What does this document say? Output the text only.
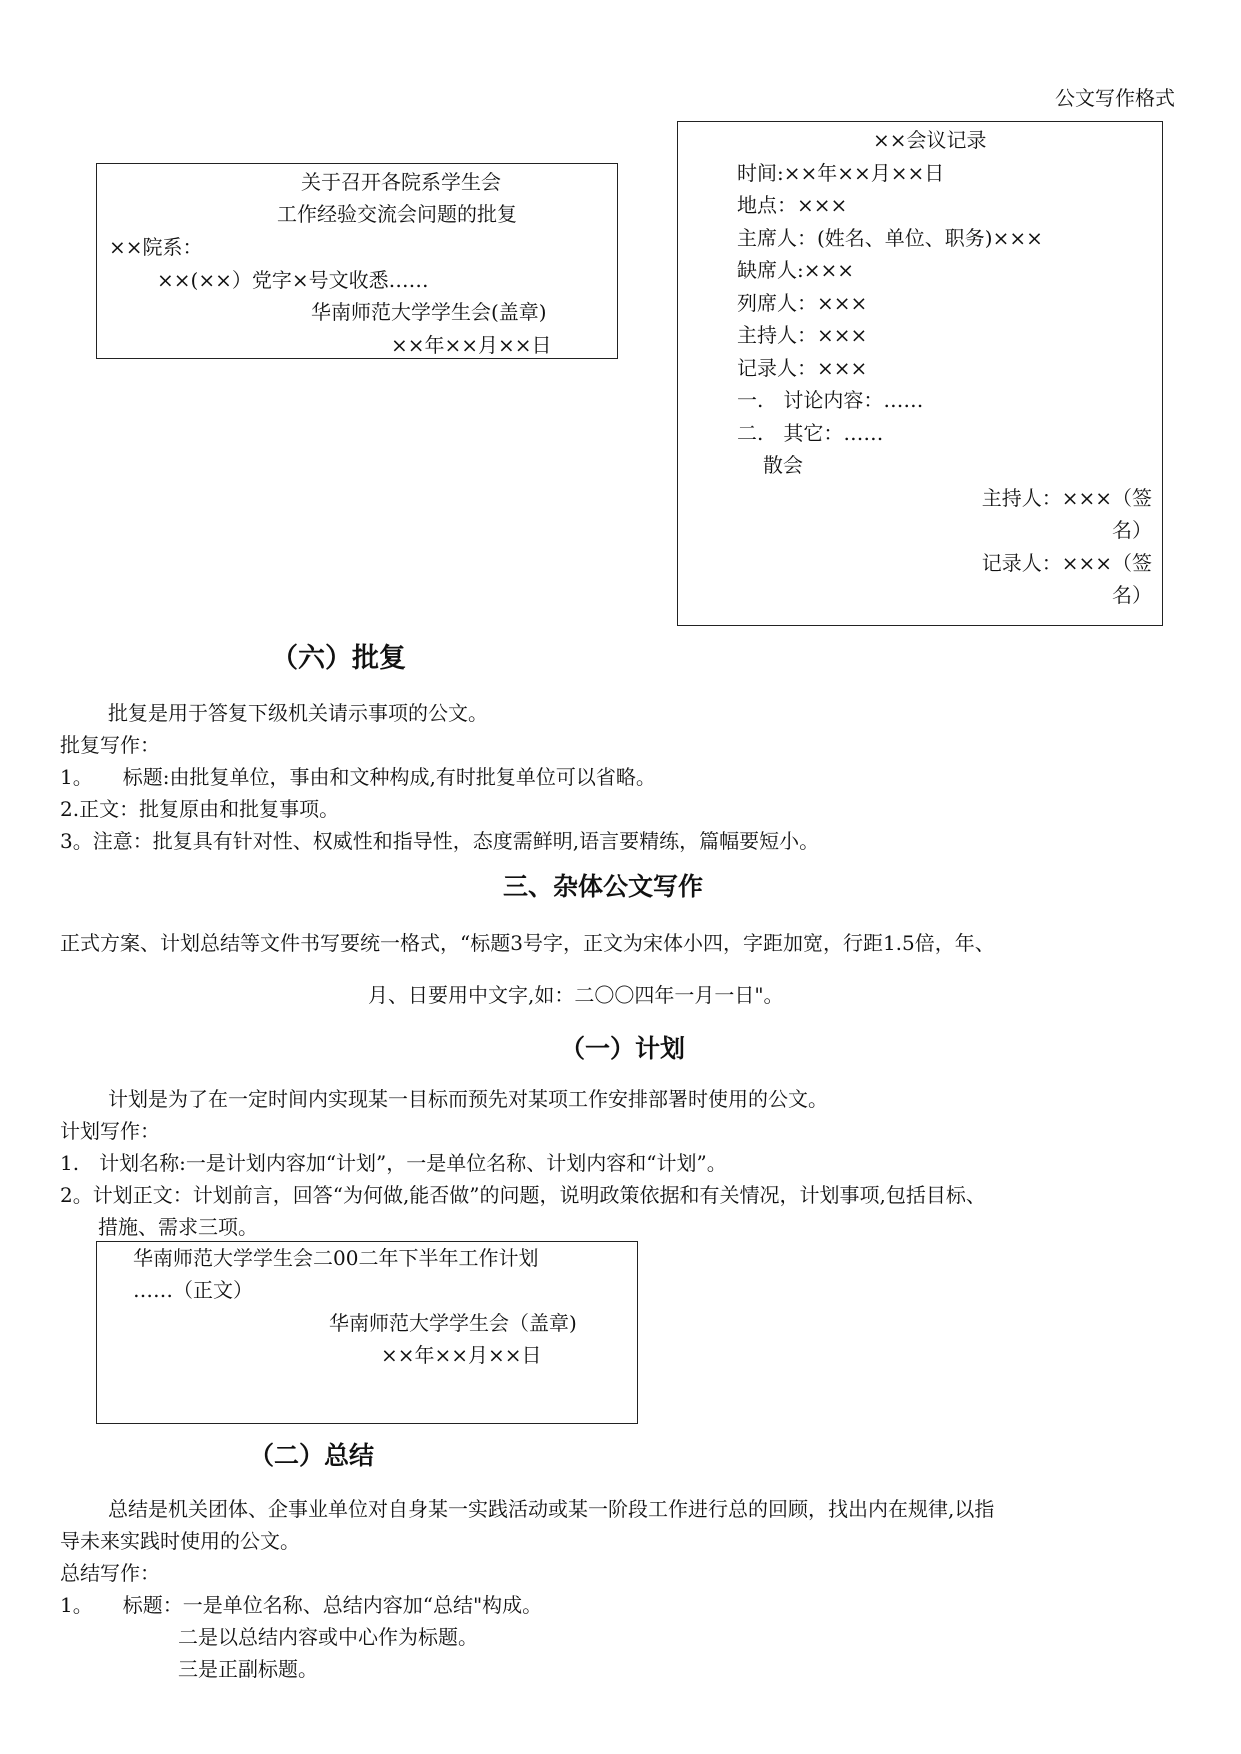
公文写作格式
关于召开各院系学生会
工作经验交流会问题的批复
××院系：
××(××）党字×号文收悉……
华南师范大学学生会(盖章)
××年××月××日
××会议记录
时间:××年××月××日
地点：×××
主席人：(姓名、单位、职务)×××
缺席人:×××
列席人：×××
主持人：×××
记录人：×××
一.　讨论内容：……
二.　其它：……
散会
主持人：×××（签
名）
记录人：×××（签
名）
（六）批复
批复是用于答复下级机关请示事项的公文。
批复写作：
1。　　标题:由批复单位，事由和文种构成,有时批复单位可以省略。
2.正文：批复原由和批复事项。
3。注意：批复具有针对性、权威性和指导性，态度需鲜明,语言要精练，篇幅要短小。
三、杂体公文写作
正式方案、计划总结等文件书写要统一格式，“标题3号字，正文为宋体小四，字距加宽，行距1.5倍，年、
月、日要用中文字,如：二〇〇四年一月一日"。
（一）计划
计划是为了在一定时间内实现某一目标而预先对某项工作安排部署时使用的公文。
计划写作：
1.　计划名称:一是计划内容加“计划”，一是单位名称、计划内容和“计划”。
2。计划正文：计划前言，回答“为何做,能否做”的问题，说明政策依据和有关情况，计划事项,包括目标、
措施、需求三项。
华南师范大学学生会二00二年下半年工作计划
……（正文）
华南师范大学学生会（盖章)
××年××月××日
（二）总结
总结是机关团体、企事业单位对自身某一实践活动或某一阶段工作进行总的回顾，找出内在规律,以指
导未来实践时使用的公文。
总结写作：
1。　　标题：一是单位名称、总结内容加“总结"构成。
二是以总结内容或中心作为标题。
三是正副标题。
